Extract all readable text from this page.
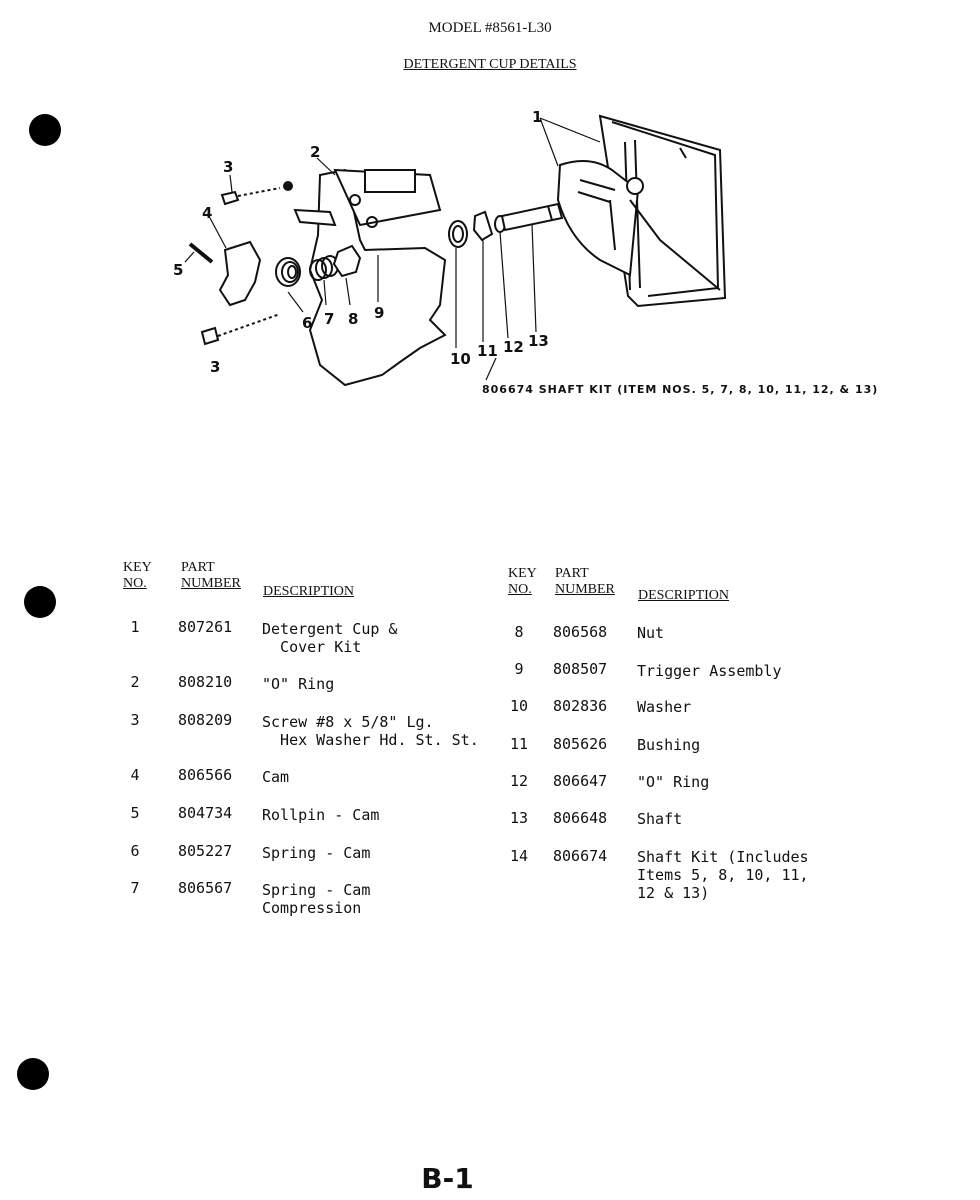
MODEL #8561-L30
DETERGENT CUP DETAILS
1
2
3
4
5
6 7 8 9
10 11 12 13
3
806674 SHAFT KIT (ITEM NOS. 5, 7, 8, 10, 11, 12, & 13)
KEY
NO.
PART
NUMBER
DESCRIPTION
1	807261 Detergent Cup &
Cover Kit
2	808210 "O" Ring
3	808209 Screw #8 x 5/8" Lg.
Hex Washer Hd. St. St.
4	806566 Cam
5	804734 Rollpin - Cam
6	805227 Spring - Cam
7	806567 Spring - Cam
Compression
KEY
NO.
PART
NUMBER DESCRIPTION
8	806568 Nut
9	808507 Trigger Assembly
10	802836 Washer
11	805626 Bushing
12	806647 "O" Ring
13	806648 Shaft
14	806674 Shaft Kit (Includes
Items 5, 8, 10, 11,
12 & 13)
B-1
